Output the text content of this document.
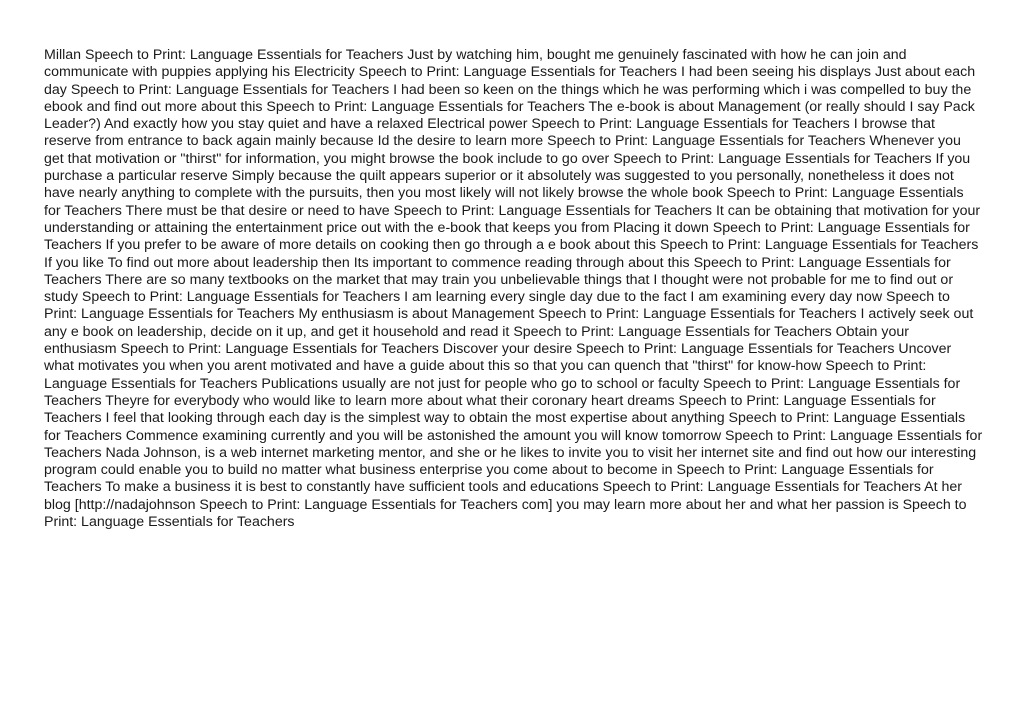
Millan Speech to Print: Language Essentials for Teachers Just by watching him, bought me genuinely fascinated with how he can join and communicate with puppies applying his Electricity Speech to Print: Language Essentials for Teachers I had been seeing his displays Just about each day Speech to Print: Language Essentials for Teachers I had been so keen on the things which he was performing which i was compelled to buy the ebook and find out more about this Speech to Print: Language Essentials for Teachers The e-book is about Management (or really should I say Pack Leader?) And exactly how you stay quiet and have a relaxed Electrical power Speech to Print: Language Essentials for Teachers I browse that reserve from entrance to back again mainly because Id the desire to learn more Speech to Print: Language Essentials for Teachers Whenever you get that motivation or "thirst" for information, you might browse the book include to go over Speech to Print: Language Essentials for Teachers If you purchase a particular reserve Simply because the quilt appears superior or it absolutely was suggested to you personally, nonetheless it does not have nearly anything to complete with the pursuits, then you most likely will not likely browse the whole book Speech to Print: Language Essentials for Teachers There must be that desire or need to have Speech to Print: Language Essentials for Teachers It can be obtaining that motivation for your understanding or attaining the entertainment price out with the e-book that keeps you from Placing it down Speech to Print: Language Essentials for Teachers If you prefer to be aware of more details on cooking then go through a e book about this Speech to Print: Language Essentials for Teachers If you like To find out more about leadership then Its important to commence reading through about this Speech to Print: Language Essentials for Teachers There are so many textbooks on the market that may train you unbelievable things that I thought were not probable for me to find out or study Speech to Print: Language Essentials for Teachers I am learning every single day due to the fact I am examining every day now Speech to Print: Language Essentials for Teachers My enthusiasm is about Management Speech to Print: Language Essentials for Teachers I actively seek out any e book on leadership, decide on it up, and get it household and read it Speech to Print: Language Essentials for Teachers Obtain your enthusiasm Speech to Print: Language Essentials for Teachers Discover your desire Speech to Print: Language Essentials for Teachers Uncover what motivates you when you arent motivated and have a guide about this so that you can quench that "thirst" for know-how Speech to Print: Language Essentials for Teachers Publications usually are not just for people who go to school or faculty Speech to Print: Language Essentials for Teachers Theyre for everybody who would like to learn more about what their coronary heart dreams Speech to Print: Language Essentials for Teachers I feel that looking through each day is the simplest way to obtain the most expertise about anything Speech to Print: Language Essentials for Teachers Commence examining currently and you will be astonished the amount you will know tomorrow Speech to Print: Language Essentials for Teachers Nada Johnson, is a web internet marketing mentor, and she or he likes to invite you to visit her internet site and find out how our interesting program could enable you to build no matter what business enterprise you come about to become in Speech to Print: Language Essentials for Teachers To make a business it is best to constantly have sufficient tools and educations Speech to Print: Language Essentials for Teachers At her blog [http://nadajohnson Speech to Print: Language Essentials for Teachers com] you may learn more about her and what her passion is Speech to Print: Language Essentials for Teachers
